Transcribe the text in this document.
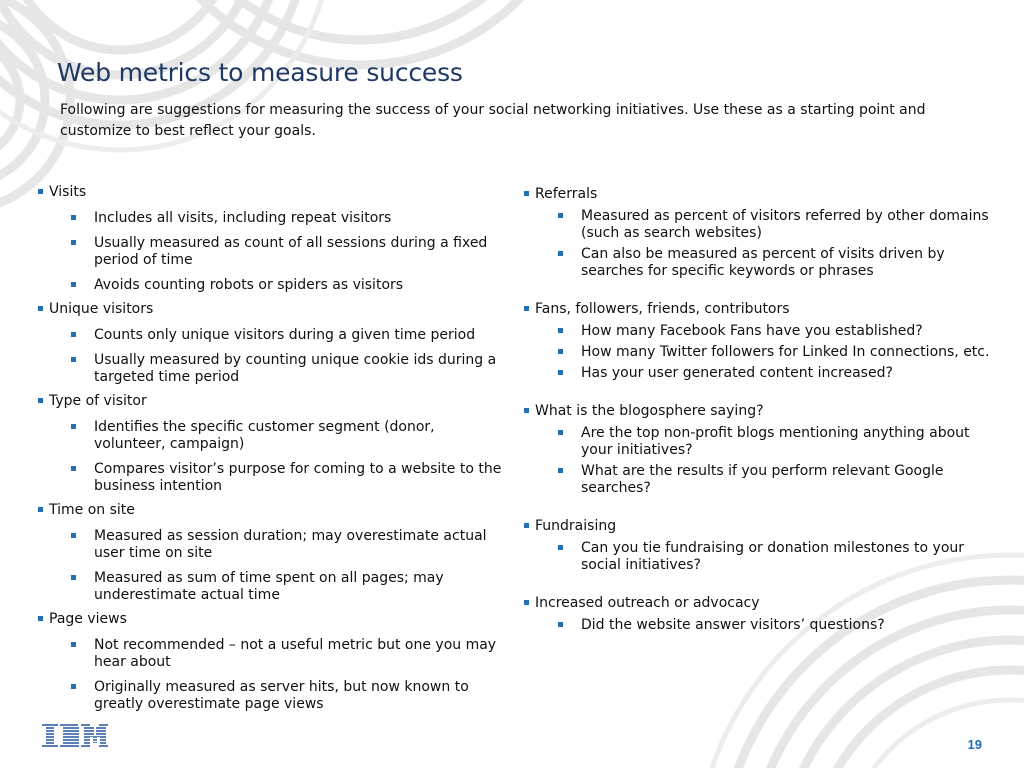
Web metrics to measure success

Following are suggestions for measuring the success of your social networking initiatives. Use these as a starting point and customize to best reflect your goals.

Visits
Includes all visits, including repeat visitors
Usually measured as count of all sessions during a fixed period of time
Avoids counting robots or spiders as visitors
Unique visitors
Counts only unique visitors during a given time period
Usually measured by counting unique cookie ids during a targeted time period
Type of visitor
Identifies the specific customer segment (donor, volunteer, campaign)
Compares visitor’s purpose for coming to a website to the business intention
Time on site
Measured as session duration; may overestimate actual user time on site
Measured as sum of time spent on all pages; may underestimate actual time
Page views
Not recommended – not a useful metric but one you may hear about
Originally measured as server hits, but now known to greatly overestimate page views
Referrals
Measured as percent of visitors referred by other domains (such as search websites)
Can also be measured as percent of visits driven by searches for specific keywords or phrases
Fans, followers, friends, contributors
How many Facebook Fans have you established?
How many Twitter followers for Linked In connections, etc.
Has your user generated content increased?
What is the blogosphere saying?
Are the top non-profit blogs mentioning anything about your initiatives?
What are the results if you perform relevant Google searches?
Fundraising
Can you tie fundraising or donation milestones to your social initiatives?
Increased outreach or advocacy
Did the website answer visitors’ questions?
19
